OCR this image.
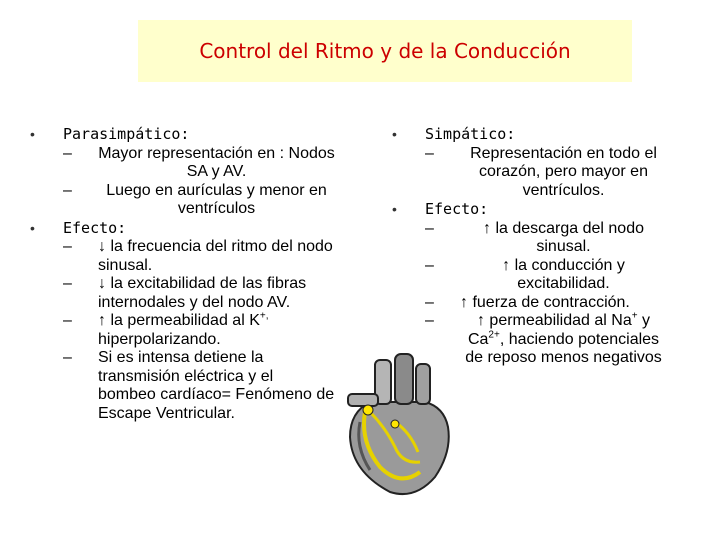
Control del Ritmo y de la Conducción
• Parasimpático:
– Mayor representación en : Nodos SA y AV.
– Luego en aurículas y menor en ventrículos
• Efecto:
– ↓ la frecuencia del ritmo del nodo sinusal.
– ↓ la excitabilidad de las fibras internodales y del nodo AV.
– ↑ la permeabilidad al K+,
hiperpolarizando.
– Si es intensa detiene la transmisión eléctrica y el bombeo cardíaco= Fenómeno de Escape Ventricular.
• Simpático:
– Representación en todo el corazón, pero mayor en ventrículos.
• Efecto:
–	↑ la descarga del nodo sinusal.
–	↑ la conducción y excitabilidad.
– ↑ fuerza de contracción.
–	↑ permeabilidad al Na+ y $Ca^{2+}$, haciendo potenciales de reposo menos negativos
